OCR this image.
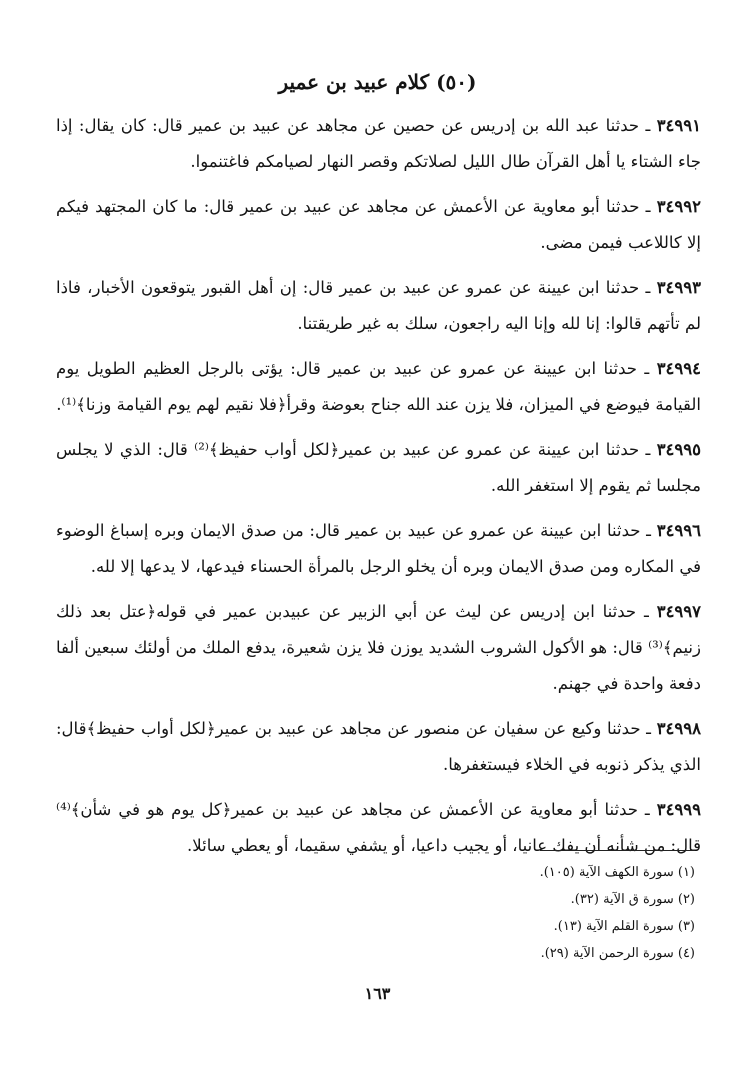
(٥٠) كلام عبيد بن عمير

٣٤٩٩١ ـ حدثنا عبد الله بن إدريس عن حصين عن مجاهد عن عبيد بن عمير قال: كان يقال: إذا جاء الشتاء يا أهل القرآن طال الليل لصلاتكم وقصر النهار لصيامكم فاغتنموا.

٣٤٩٩٢ ـ حدثنا أبو معاوية عن الأعمش عن مجاهد عن عبيد بن عمير قال: ما كان المجتهد فيكم إلا كاللاعب فيمن مضى.

٣٤٩٩٣ ـ حدثنا ابن عيينة عن عمرو عن عبيد بن عمير قال: إن أهل القبور يتوقعون الأخبار، فاذا لم تأتهم قالوا: إنا لله وإنا اليه راجعون، سلك به غير طريقتنا.

٣٤٩٩٤ ـ حدثنا ابن عيينة عن عمرو عن عبيد بن عمير قال: يؤتى بالرجل العظيم الطويل يوم القيامة فيوضع في الميزان، فلا يزن عند الله جناح بعوضة وقرأ﴿فلا نقيم لهم يوم القيامة وزنا﴾⁽¹⁾.

٣٤٩٩٥ ـ حدثنا ابن عيينة عن عمرو عن عبيد بن عمير﴿لكل أواب حفيظ﴾⁽²⁾ قال: الذي لا يجلس مجلسا ثم يقوم إلا استغفر الله.

٣٤٩٩٦ ـ حدثنا ابن عيينة عن عمرو عن عبيد بن عمير قال: من صدق الايمان وبره إسباغ الوضوء في المكاره ومن صدق الايمان وبره أن يخلو الرجل بالمرأة الحسناء فيدعها، لا يدعها إلا لله.

٣٤٩٩٧ ـ حدثنا ابن إدريس عن ليث عن أبي الزبير عن عبيدبن عمير في قوله﴿عتل بعد ذلك زنيم﴾⁽³⁾ قال: هو الأكول الشروب الشديد يوزن فلا يزن شعيرة، يدفع الملك من أولئك سبعين ألفا دفعة واحدة في جهنم.

٣٤٩٩٨ ـ حدثنا وكيع عن سفيان عن منصور عن مجاهد عن عبيد بن عمير﴿لكل أواب حفيظ﴾قال: الذي يذكر ذنوبه في الخلاء فيستغفرها.

٣٤٩٩٩ ـ حدثنا أبو معاوية عن الأعمش عن مجاهد عن عبيد بن عمير﴿كل يوم هو في شأن﴾⁽⁴⁾ قال: من شأنه أن يفك عانيا، أو يجيب داعيا، أو يشفي سقيما، أو يعطي سائلا.

(١) سورة الكهف الآية (١٠٥).
(٢) سورة ق الآية (٣٢).
(٣) سورة القلم الآية (١٣).
(٤) سورة الرحمن الآية (٢٩).
١٦٣
